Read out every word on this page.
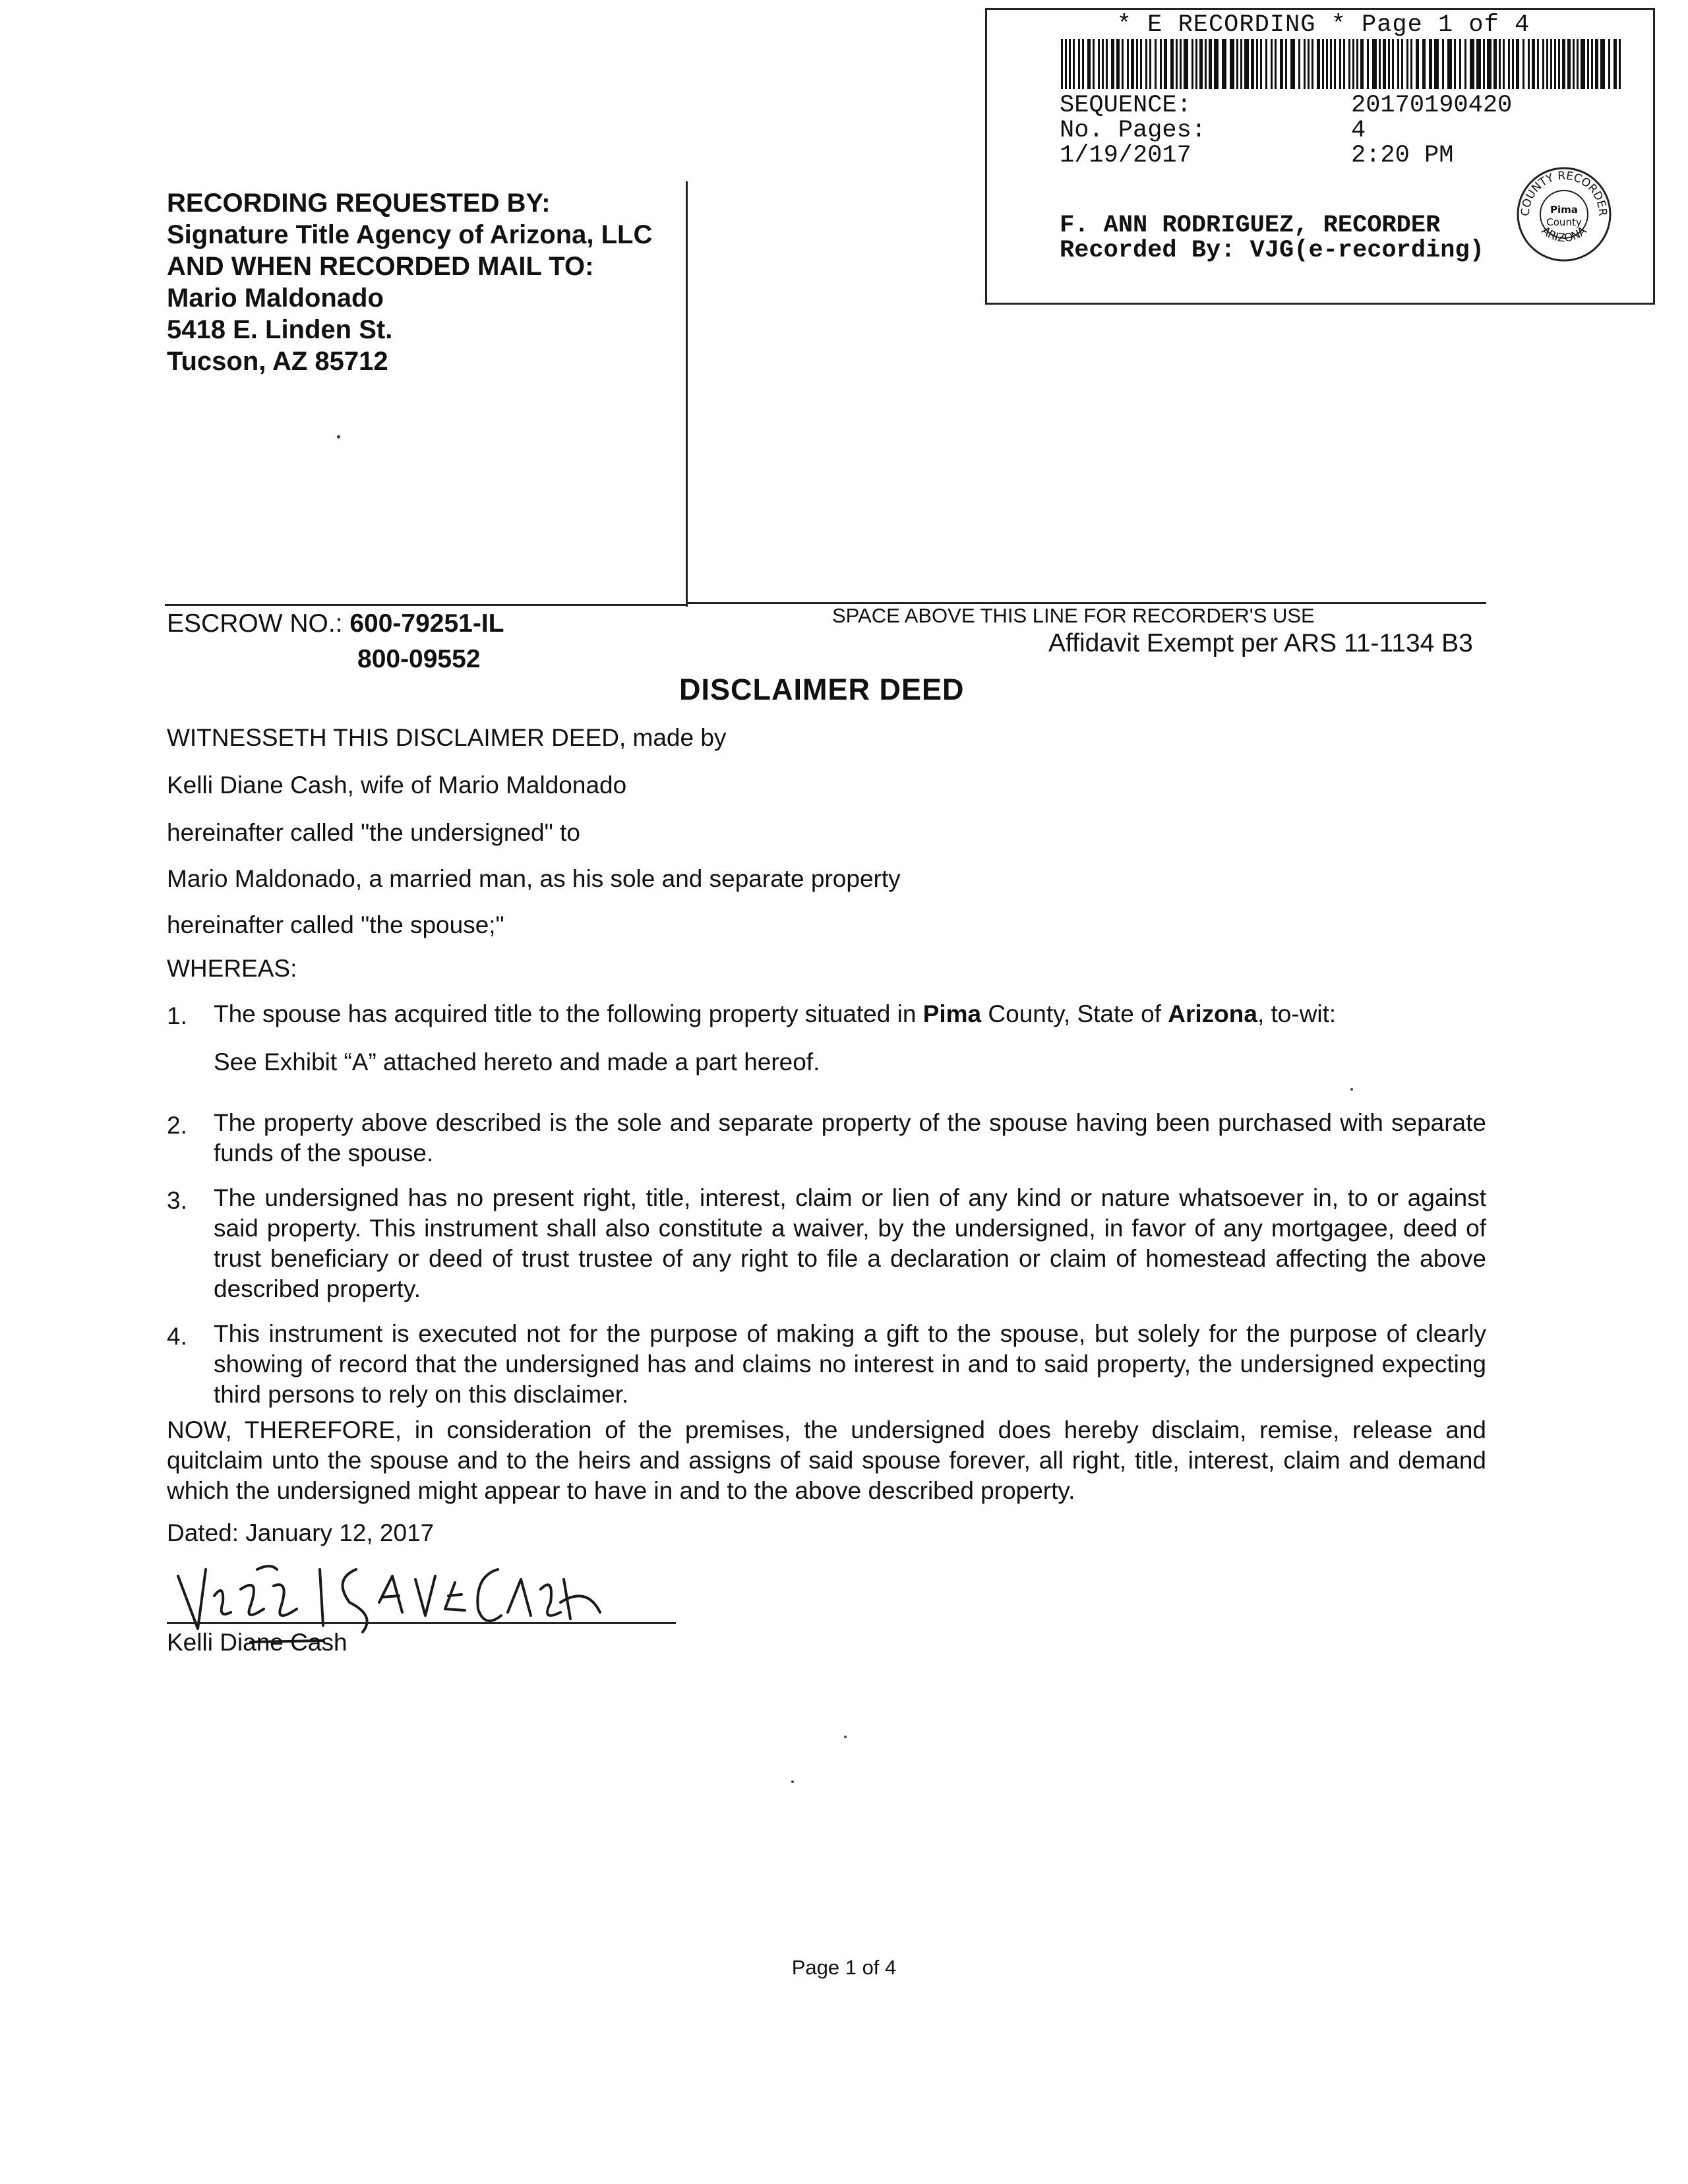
* E RECORDING * Page 1 of 4
SEQUENCE:	20170190420
No. Pages:	4
1/19/2017	2:20 PM
F. ANN RODRIGUEZ, RECORDER
Recorded By: VJG(e-recording)
COUNTY RECORDER
ARIZONA
Pima
County
RECORDING REQUESTED BY:
Signature Title Agency of Arizona, LLC
AND WHEN RECORDED MAIL TO:
Mario Maldonado
5418 E. Linden St.
Tucson, AZ 85712
ESCROW NO.: 600-79251-IL
800-09552
SPACE ABOVE THIS LINE FOR RECORDER'S USE
Affidavit Exempt per ARS 11-1134 B3
DISCLAIMER DEED
WITNESSETH THIS DISCLAIMER DEED, made by
Kelli Diane Cash, wife of Mario Maldonado
hereinafter called "the undersigned" to
Mario Maldonado, a married man, as his sole and separate property
hereinafter called "the spouse;"
WHEREAS:
1. The spouse has acquired title to the following property situated in Pima County, State of Arizona, to-wit:
See Exhibit “A” attached hereto and made a part hereof.
2. The property above described is the sole and separate property of the spouse having been purchased with separate funds of the spouse.
3. The undersigned has no present right, title, interest, claim or lien of any kind or nature whatsoever in, to or against said property. This instrument shall also constitute a waiver, by the undersigned, in favor of any mortgagee, deed of trust beneficiary or deed of trust trustee of any right to file a declaration or claim of homestead affecting the above described property.
4. This instrument is executed not for the purpose of making a gift to the spouse, but solely for the purpose of clearly showing of record that the undersigned has and claims no interest in and to said property, the undersigned expecting third persons to rely on this disclaimer.
NOW, THEREFORE, in consideration of the premises, the undersigned does hereby disclaim, remise, release and quitclaim unto the spouse and to the heirs and assigns of said spouse forever, all right, title, interest, claim and demand which the undersigned might appear to have in and to the above described property.
Dated: January 12, 2017
Kelli Diane Cash
Page 1 of 4
